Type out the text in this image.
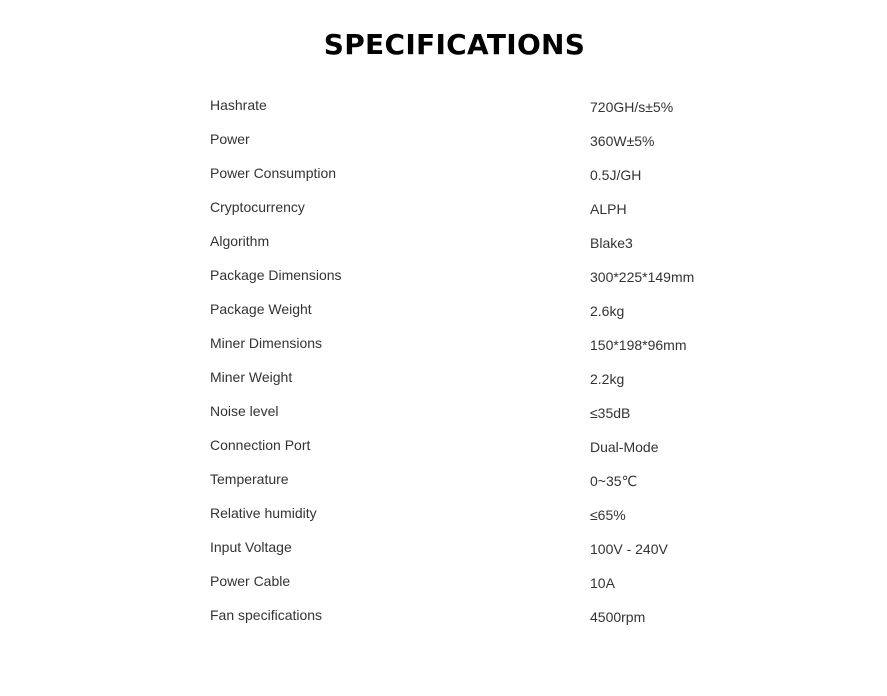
SPECIFICATIONS
Hashrate	720GH/s±5%
Power	360W±5%
Power Consumption	0.5J/GH
Cryptocurrency	ALPH
Algorithm	Blake3
Package Dimensions	300*225*149mm
Package Weight	2.6kg
Miner Dimensions	150*198*96mm
Miner Weight	2.2kg
Noise level	≤35dB
Connection Port	Dual-Mode
Temperature	0~35℃
Relative humidity	≤65%
Input Voltage	100V - 240V
Power Cable	10A
Fan specifications	4500rpm
